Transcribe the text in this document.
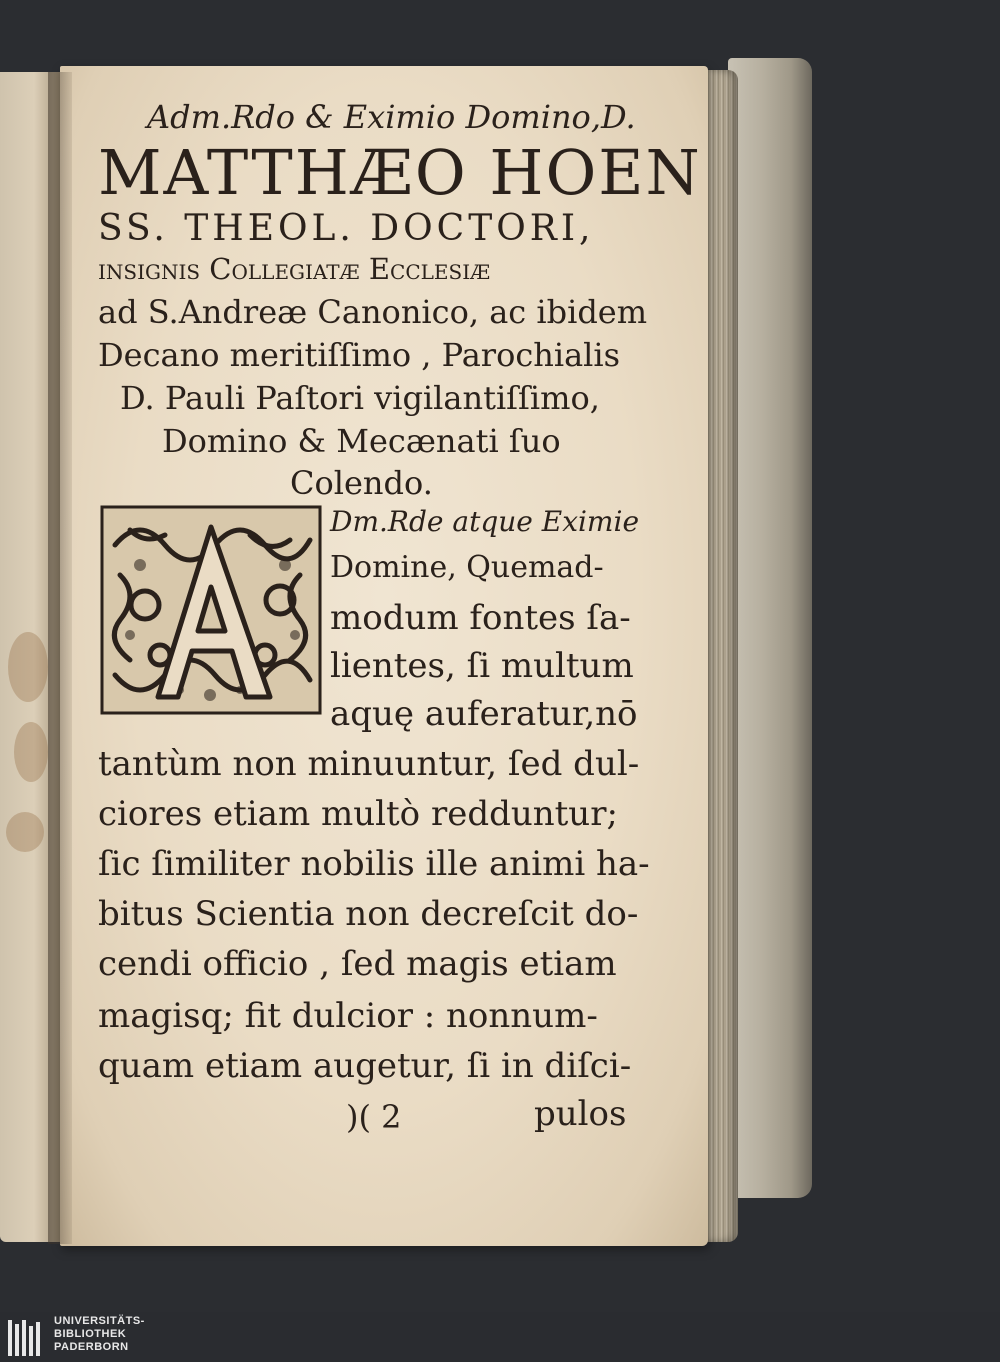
Adm.Rdo & Eximio Domino,D.
MATTHÆO HOEN
SS. THEOL. DOCTORI,
insignis Collegiatæ Ecclesiæ
ad S.Andreæ Canonico, ac ibidem
Decano meritiſſimo , Parochialis
D. Pauli Paſtori vigilantiſſimo,
Domino & Mecænati ſuo
Colendo.
A	Dm.Rde atque Eximie
Domine, Quemad-
modum fontes ſa-
lientes, ſi multum
aquę auferatur,nō
tantùm non minuuntur, ſed dul-
ciores etiam multò redduntur;
ſic ſimiliter nobilis ille animi ha-
bitus Scientia non decreſcit do-
cendi officio , ſed magis etiam
magisq; fit dulcior : nonnum-
quam etiam augetur, ſi in diſci-
)( 2	pulos
UNIVERSITÄTS-
BIBLIOTHEK
PADERBORN
